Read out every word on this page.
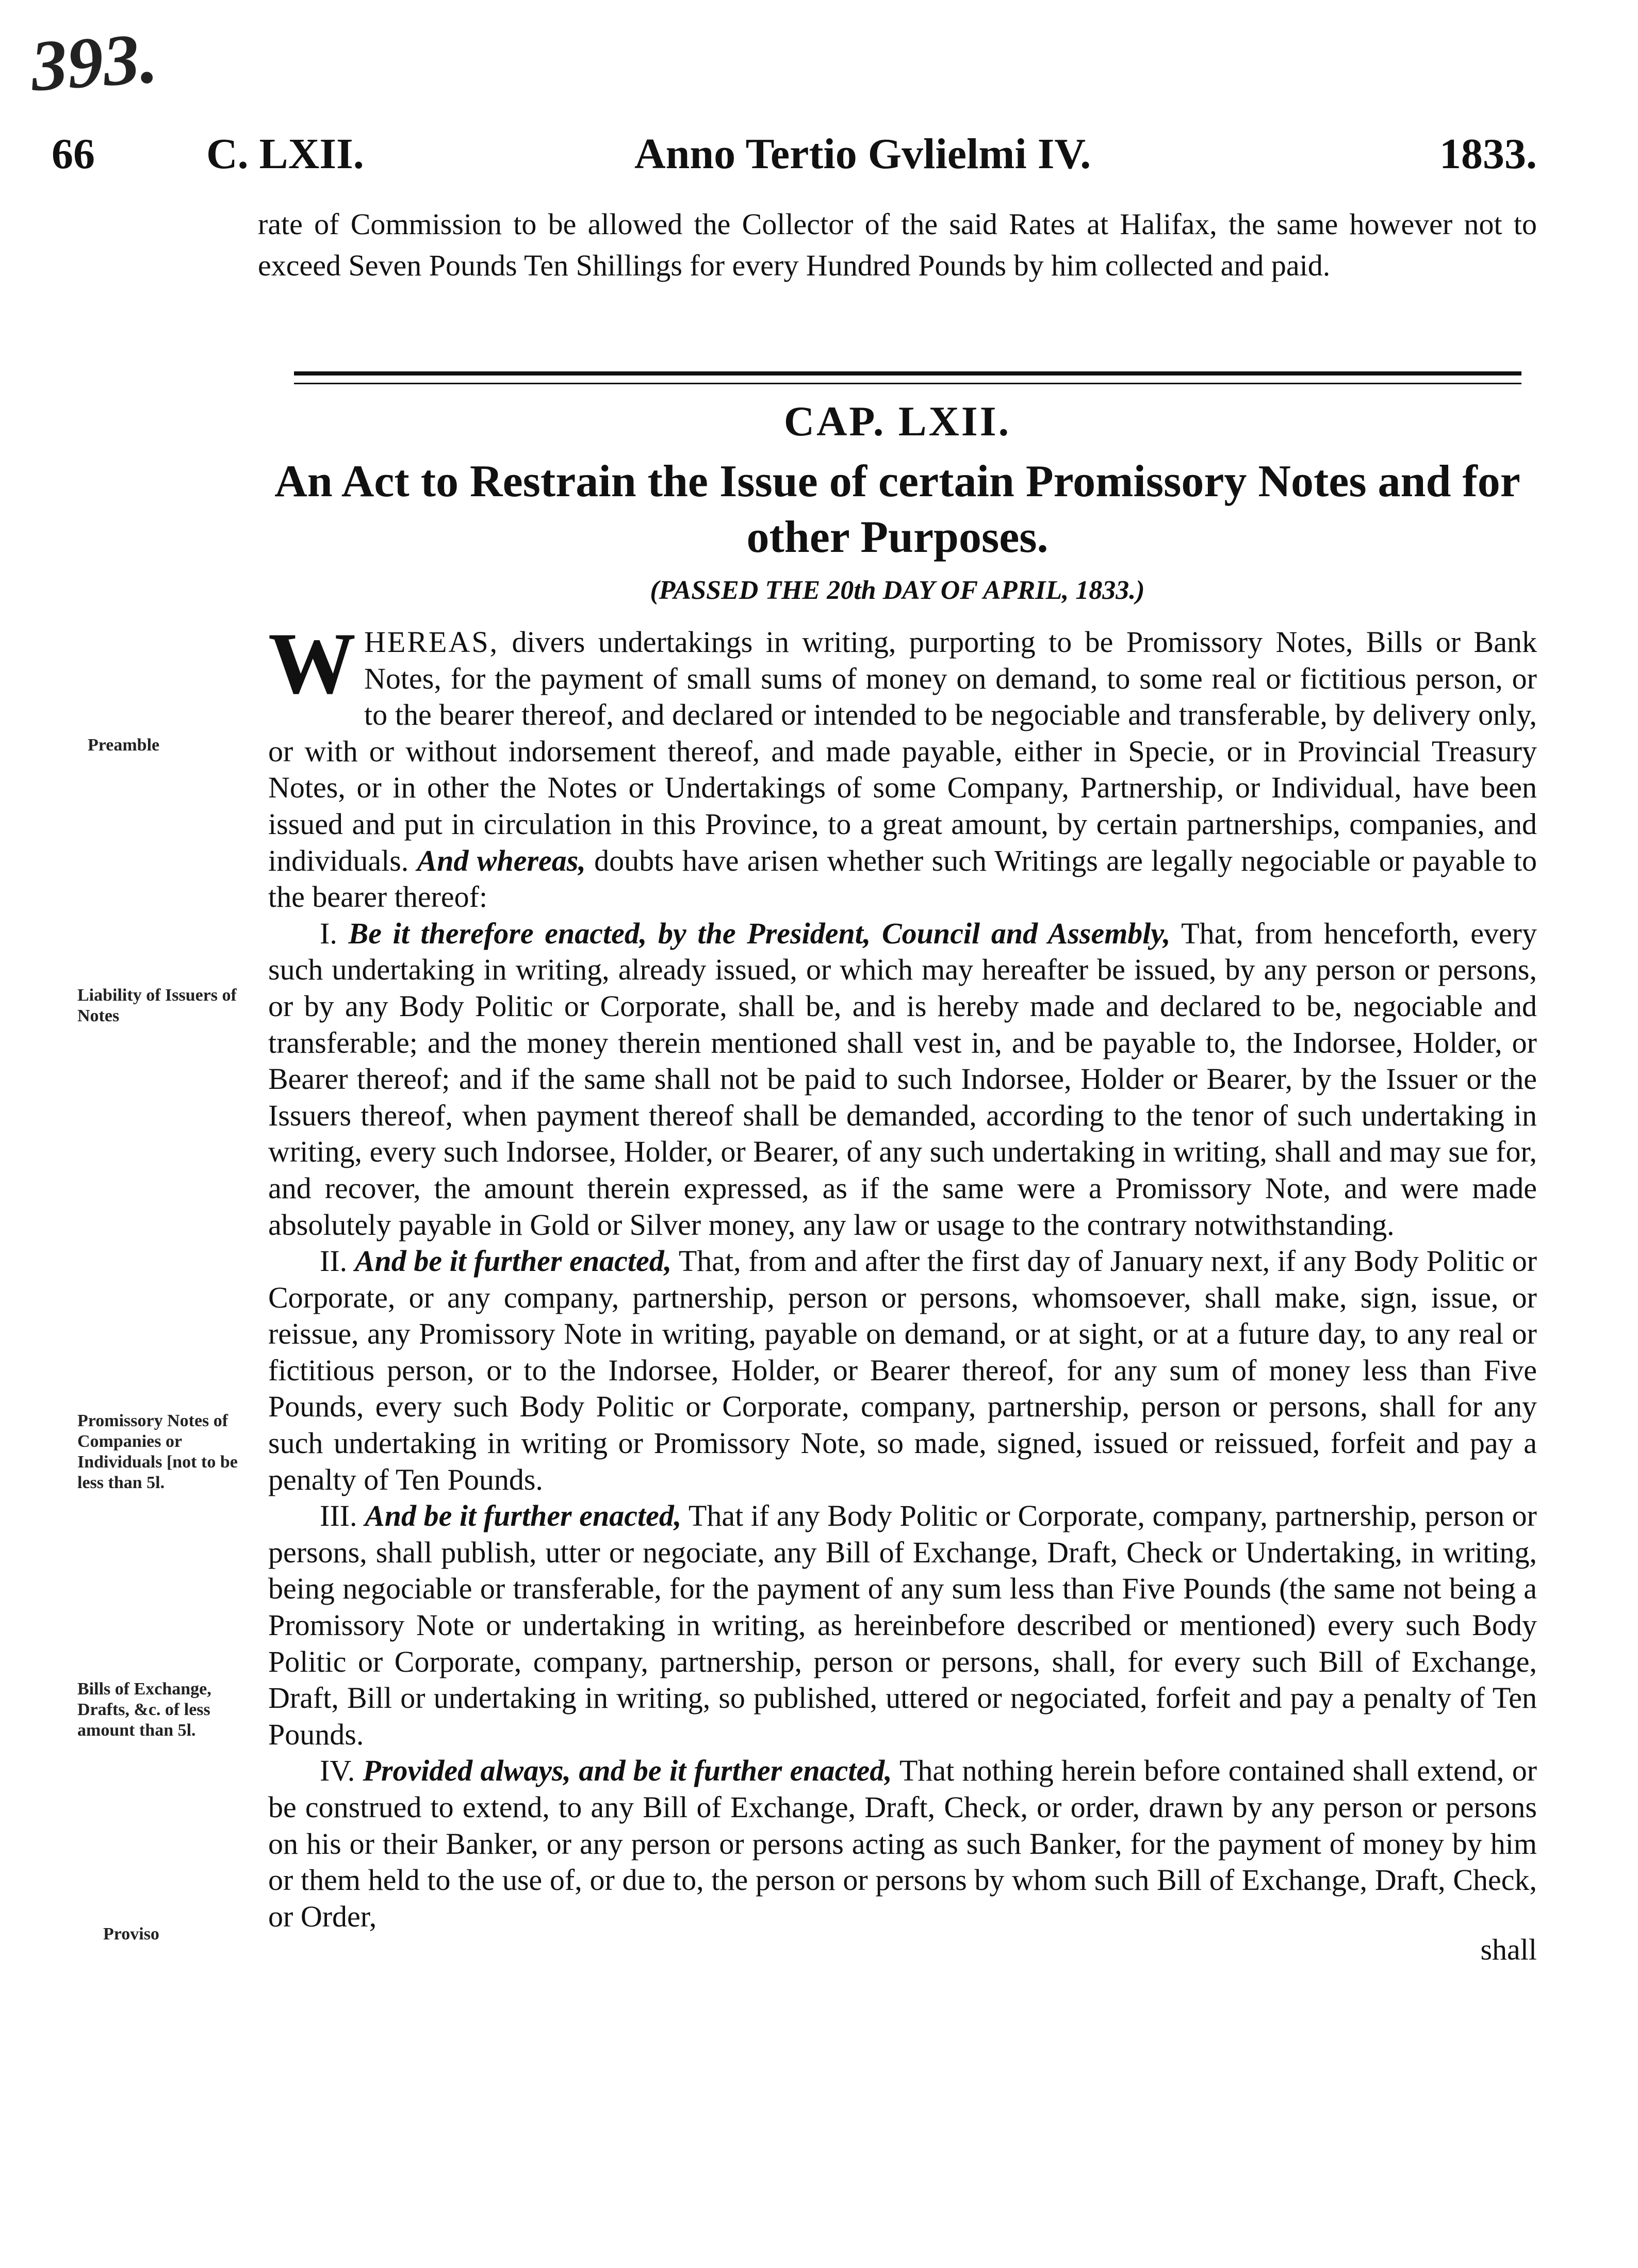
393.
66	C. LXII.	Anno Tertio Gvlielmi IV.	1833.
rate of Commission to be allowed the Collector of the said Rates at Halifax, the same however not to exceed Seven Pounds Ten Shillings for every Hundred Pounds by him collected and paid.
CAP. LXII.
An Act to Restrain the Issue of certain Promissory Notes and for other Purposes.
(PASSED THE 20th DAY OF APRIL, 1833.)

WHEREAS, divers undertakings in writing, purporting to be Promissory Notes, Bills or Bank Notes, for the payment of small sums of money on demand, to some real or fictitious person, or to the bearer thereof, and declared or intended to be negociable and transferable, by delivery only, or with or without indorsement thereof, and made payable, either in Specie, or in Provincial Treasury Notes, or in other the Notes or Undertakings of some Company, Partnership, or Individual, have been issued and put in circulation in this Province, to a great amount, by certain partnerships, companies, and individuals. And whereas, doubts have arisen whether such Writings are legally negociable or payable to the bearer thereof:

I. Be it therefore enacted, by the President, Council and Assembly, That, from henceforth, every such undertaking in writing, already issued, or which may hereafter be issued, by any person or persons, or by any Body Politic or Corporate, shall be, and is hereby made and declared to be, negociable and transferable; and the money therein mentioned shall vest in, and be payable to, the Indorsee, Holder, or Bearer thereof; and if the same shall not be paid to such Indorsee, Holder or Bearer, by the Issuer or the Issuers thereof, when payment thereof shall be demanded, according to the tenor of such undertaking in writing, every such Indorsee, Holder, or Bearer, of any such undertaking in writing, shall and may sue for, and recover, the amount therein expressed, as if the same were a Promissory Note, and were made absolutely payable in Gold or Silver money, any law or usage to the contrary notwithstanding.

II. And be it further enacted, That, from and after the first day of January next, if any Body Politic or Corporate, or any company, partnership, person or persons, whomsoever, shall make, sign, issue, or reissue, any Promissory Note in writing, payable on demand, or at sight, or at a future day, to any real or fictitious person, or to the Indorsee, Holder, or Bearer thereof, for any sum of money less than Five Pounds, every such Body Politic or Corporate, company, partnership, person or persons, shall for any such undertaking in writing or Promissory Note, so made, signed, issued or reissued, forfeit and pay a penalty of Ten Pounds.

III. And be it further enacted, That if any Body Politic or Corporate, company, partnership, person or persons, shall publish, utter or negociate, any Bill of Exchange, Draft, Check or Undertaking, in writing, being negociable or transferable, for the payment of any sum less than Five Pounds (the same not being a Promissory Note or undertaking in writing, as hereinbefore described or mentioned) every such Body Politic or Corporate, company, partnership, person or persons, shall, for every such Bill of Exchange, Draft, Bill or undertaking in writing, so published, uttered or negociated, forfeit and pay a penalty of Ten Pounds.

IV. Provided always, and be it further enacted, That nothing herein before contained shall extend, or be construed to extend, to any Bill of Exchange, Draft, Check, or order, drawn by any person or persons on his or their Banker, or any person or persons acting as such Banker, for the payment of money by him or them held to the use of, or due to, the person or persons by whom such Bill of Exchange, Draft, Check, or Order,

shall
Preamble
Liability of Issuers of Notes
Promissory Notes of Companies or Individuals [not to be less than 5l.
Bills of Exchange, Drafts, &c. of less amount than 5l.
Proviso
